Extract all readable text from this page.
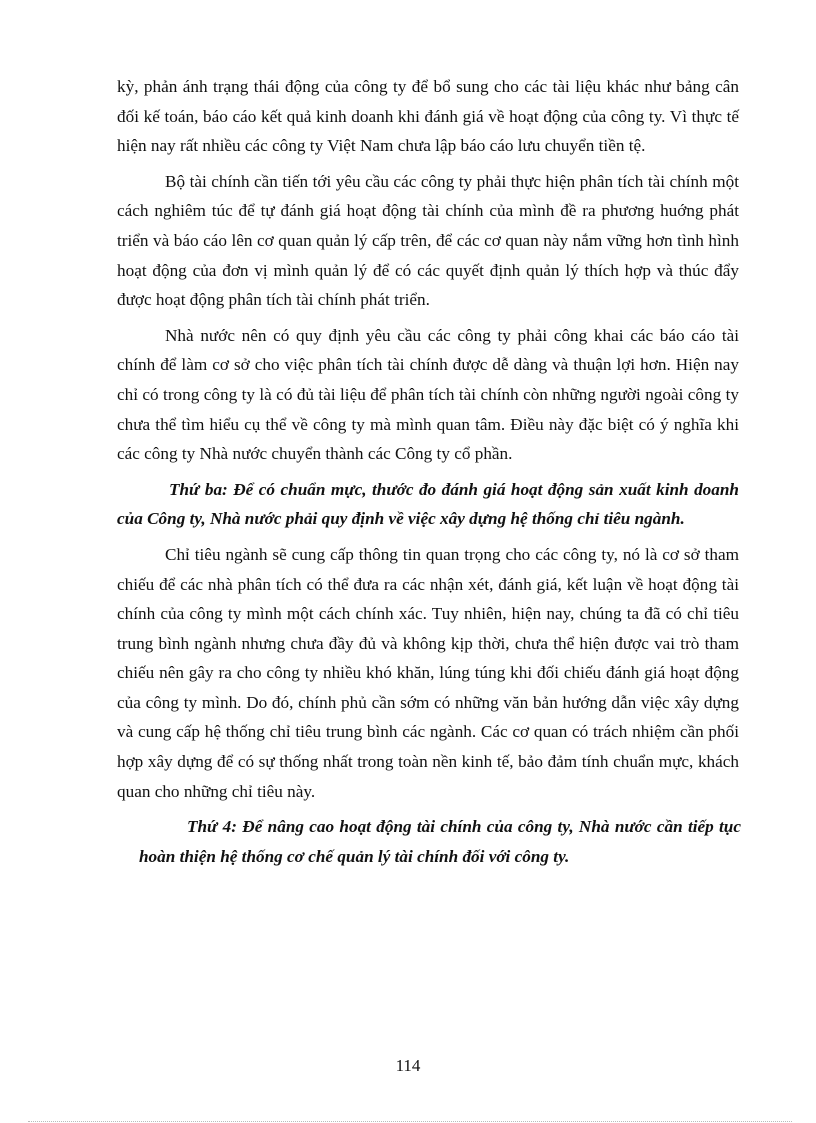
kỳ, phản ánh trạng thái động của công ty để bổ sung cho các tài liệu khác như bảng cân đối kế toán, báo cáo kết quả kinh doanh khi đánh giá về hoạt động của công ty. Vì thực tế hiện nay rất nhiều các công ty Việt Nam chưa lập báo cáo lưu chuyển tiền tệ.

Bộ tài chính cần tiến tới yêu cầu các công ty phải thực hiện phân tích tài chính một cách nghiêm túc để tự đánh giá hoạt động tài chính của mình đề ra phương huớng phát triển và báo cáo lên cơ quan quản lý cấp trên, để các cơ quan này nắm vững hơn tình hình hoạt động của đơn vị mình quản lý để có các quyết định quản lý thích hợp và thúc đẩy được hoạt động phân tích tài chính phát triển.

Nhà nước nên có quy định yêu cầu các công ty phải công khai các báo cáo tài chính để làm cơ sở cho việc phân tích tài chính được dễ dàng và thuận lợi hơn. Hiện nay chỉ có trong công ty là có đủ tài liệu để phân tích tài chính còn những người ngoài công ty chưa thể tìm hiểu cụ thể về công ty mà mình quan tâm. Điều này đặc biệt có ý nghĩa khi các công ty Nhà nước chuyển thành các Công ty cổ phần.

Thứ ba: Để có chuẩn mực, thước đo đánh giá hoạt động sản xuất kinh doanh của Công ty, Nhà nước phải quy định về việc xây dựng hệ thống chỉ tiêu ngành.

Chỉ tiêu ngành sẽ cung cấp thông tin quan trọng cho các công ty, nó là cơ sở tham chiếu để các nhà phân tích có thể đưa ra các nhận xét, đánh giá, kết luận về hoạt động tài chính của công ty mình một cách chính xác. Tuy nhiên, hiện nay, chúng ta đã có chỉ tiêu trung bình ngành nhưng chưa đầy đủ và không kịp thời, chưa thể hiện được vai trò tham chiếu nên gây ra cho công ty nhiều khó khăn, lúng túng khi đối chiếu đánh giá hoạt động của công ty mình. Do đó, chính phủ cần sớm có những văn bản hướng dẫn việc xây dựng và cung cấp hệ thống chỉ tiêu trung bình các ngành. Các cơ quan có trách nhiệm cần phối hợp xây dựng để có sự thống nhất trong toàn nền kinh tế, bảo đảm tính chuẩn mực, khách quan cho những chỉ tiêu này.

Thứ 4: Để nâng cao hoạt động tài chính của công ty, Nhà nước cần tiếp tục hoàn thiện hệ thống cơ chế quản lý tài chính đối với công ty.

114
